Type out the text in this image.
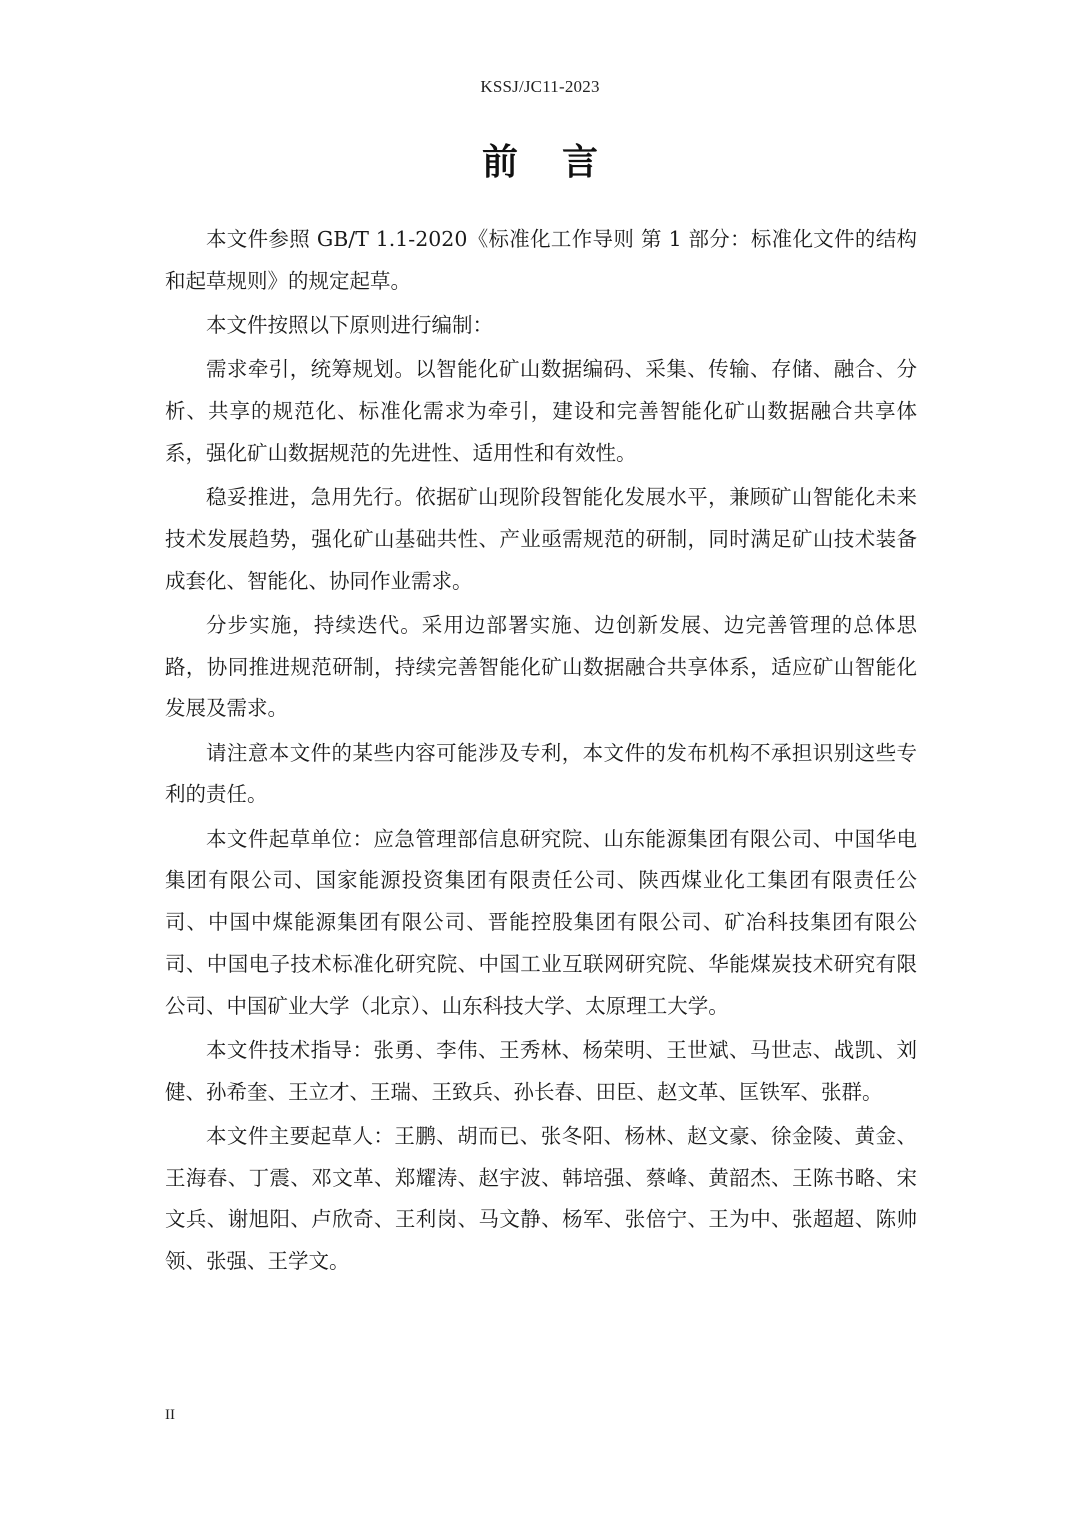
KSSJ/JC11-2023
前言

本文件参照 GB/T 1.1-2020《标准化工作导则 第 1 部分：标准化文件的结构和起草规则》的规定起草。

本文件按照以下原则进行编制：

需求牵引，统筹规划。以智能化矿山数据编码、采集、传输、存储、融合、分析、共享的规范化、标准化需求为牵引，建设和完善智能化矿山数据融合共享体系，强化矿山数据规范的先进性、适用性和有效性。

稳妥推进，急用先行。依据矿山现阶段智能化发展水平，兼顾矿山智能化未来技术发展趋势，强化矿山基础共性、产业亟需规范的研制，同时满足矿山技术装备成套化、智能化、协同作业需求。

分步实施，持续迭代。采用边部署实施、边创新发展、边完善管理的总体思路，协同推进规范研制，持续完善智能化矿山数据融合共享体系，适应矿山智能化发展及需求。

请注意本文件的某些内容可能涉及专利，本文件的发布机构不承担识别这些专利的责任。

本文件起草单位：应急管理部信息研究院、山东能源集团有限公司、中国华电集团有限公司、国家能源投资集团有限责任公司、陕西煤业化工集团有限责任公司、中国中煤能源集团有限公司、晋能控股集团有限公司、矿冶科技集团有限公司、中国电子技术标准化研究院、中国工业互联网研究院、华能煤炭技术研究有限公司、中国矿业大学（北京）、山东科技大学、太原理工大学。

本文件技术指导：张勇、李伟、王秀林、杨荣明、王世斌、马世志、战凯、刘健、孙希奎、王立才、王瑞、王致兵、孙长春、田臣、赵文革、匡铁军、张群。

本文件主要起草人：王鹏、胡而已、张冬阳、杨林、赵文豪、徐金陵、黄金、王海春、丁震、邓文革、郑耀涛、赵宇波、韩培强、蔡峰、黄韶杰、王陈书略、宋文兵、谢旭阳、卢欣奇、王利岗、马文静、杨军、张倍宁、王为中、张超超、陈帅领、张强、王学文。

II
